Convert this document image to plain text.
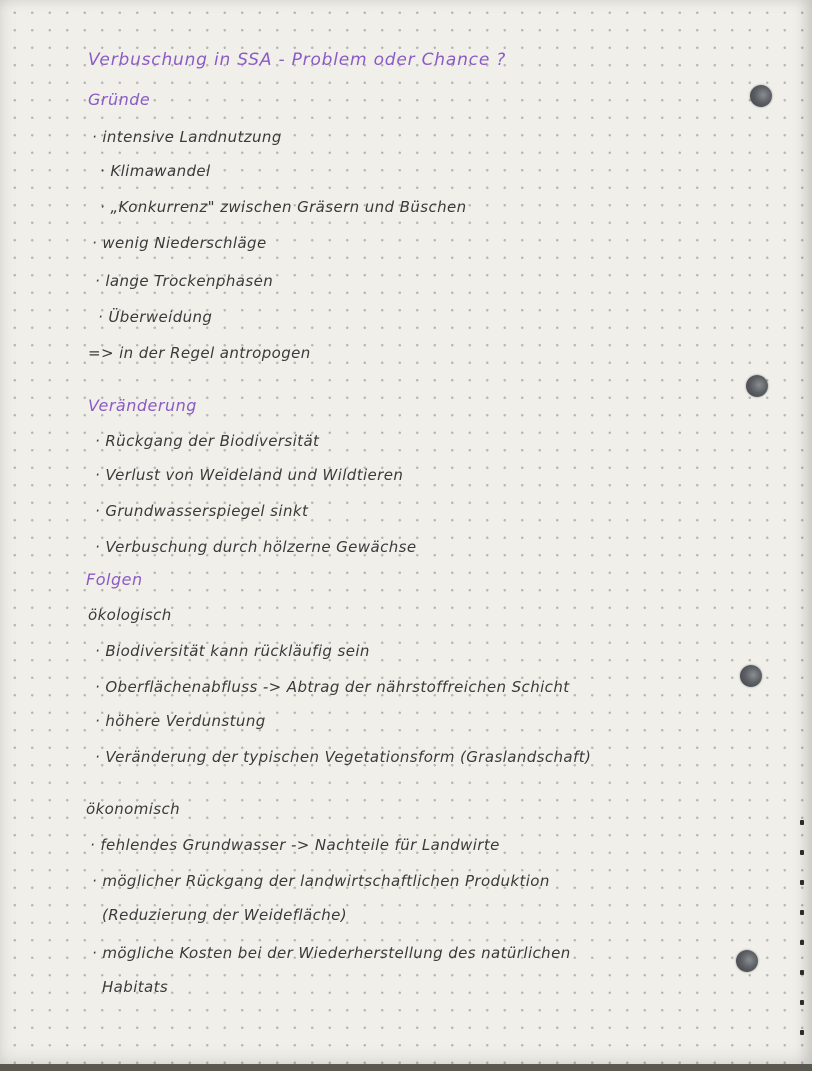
Verbuschung in SSA - Problem oder Chance ?
Gründe
· intensive Landnutzung
· Klimawandel
· „Konkurrenz" zwischen Gräsern und Büschen
· wenig Niederschläge
· lange Trockenphasen
· Überweidung
=> in der Regel antropogen
Veränderung
· Rückgang der Biodiversität
· Verlust von Weideland und Wildtieren
· Grundwasserspiegel sinkt
· Verbuschung durch hölzerne Gewächse
Folgen
ökologisch
· Biodiversität kann rückläufig sein
· Oberflächenabfluss -> Abtrag der nährstoffreichen Schicht
· höhere Verdunstung
· Veränderung der typischen Vegetationsform (Graslandschaft)
ökonomisch
· fehlendes Grundwasser -> Nachteile für Landwirte
· möglicher Rückgang der landwirtschaftlichen Produktion
(Reduzierung der Weidefläche)
· mögliche Kosten bei der Wiederherstellung des natürlichen
Habitats
